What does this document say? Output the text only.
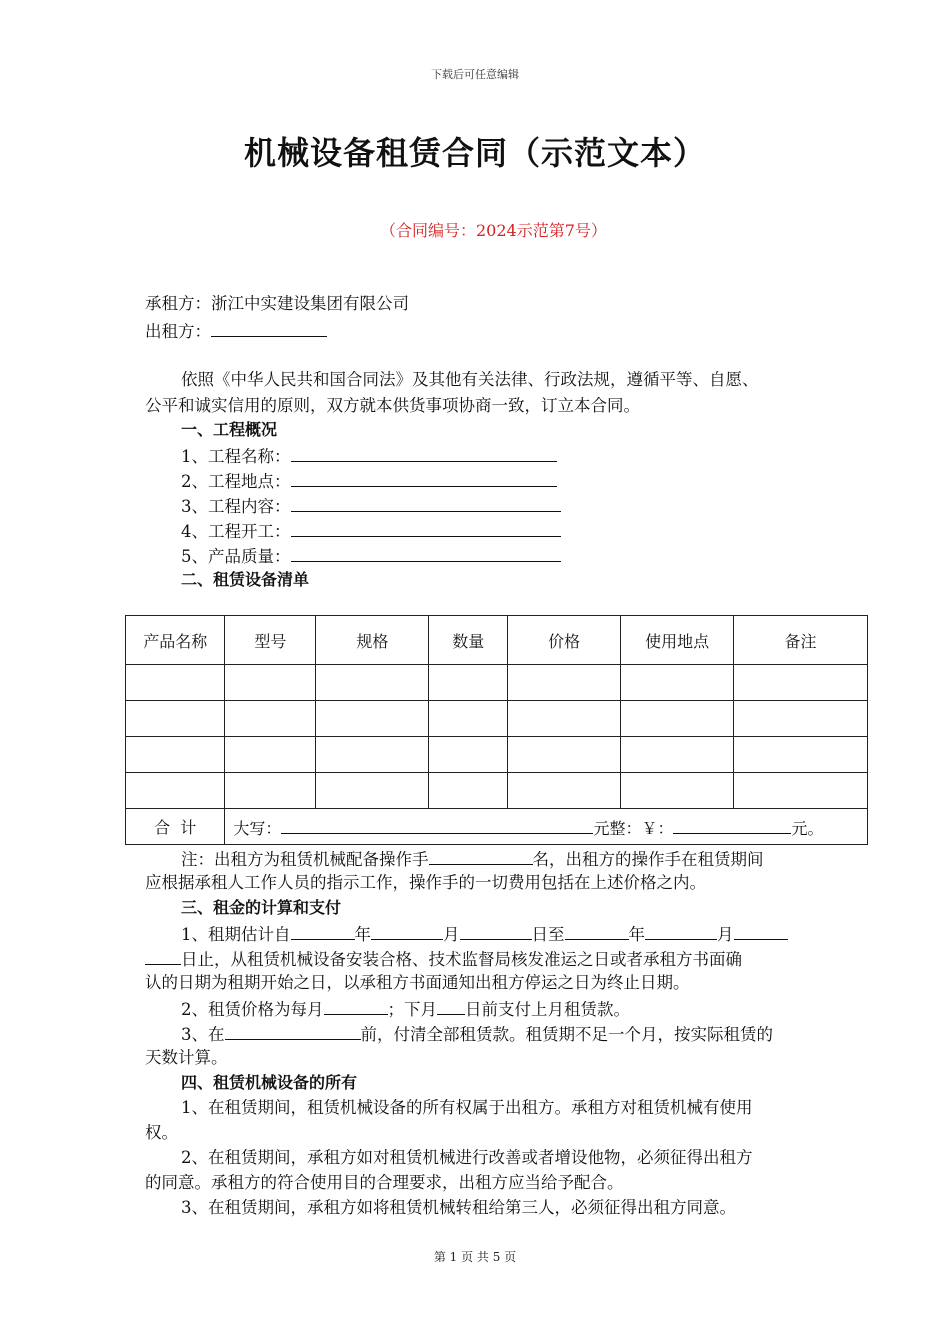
下载后可任意编辑
机械设备租赁合同（示范文本）
（合同编号：2024示范第7号）
承租方：浙江中实建设集团有限公司
出租方：
依照《中华人民共和国合同法》及其他有关法律、行政法规，遵循平等、自愿、
公平和诚实信用的原则，双方就本供货事项协商一致，订立本合同。
一、工程概况
1、工程名称：
2、工程地点：
3、工程内容：
4、工程开工：
5、产品质量：
二、租赁设备清单
产品名称	型号	规格	数量	价格	使用地点	备注

合  计	大写： 元整：￥： 元。					
注：出租方为租赁机械配备操作手	名，出租方的操作手在租赁期间
应根据承租人工作人员的指示工作，操作手的一切费用包括在上述价格之内。
三、租金的计算和支付
1、租期估计自	年	月	日至	年	月
日止，从租赁机械设备安装合格、技术监督局核发准运之日或者承租方书面确
认的日期为租期开始之日，以承租方书面通知出租方停运之日为终止日期。
2、租赁价格为每月	；下月 日前支付上月租赁款。
3、在	前，付清全部租赁款。租赁期不足一个月，按实际租赁的
天数计算。
四、租赁机械设备的所有
1、在租赁期间，租赁机械设备的所有权属于出租方。承租方对租赁机械有使用
权。
2、在租赁期间，承租方如对租赁机械进行改善或者增设他物，必须征得出租方
的同意。承租方的符合使用目的合理要求，出租方应当给予配合。
3、在租赁期间，承租方如将租赁机械转租给第三人，必须征得出租方同意。
第 1 页 共 5 页
